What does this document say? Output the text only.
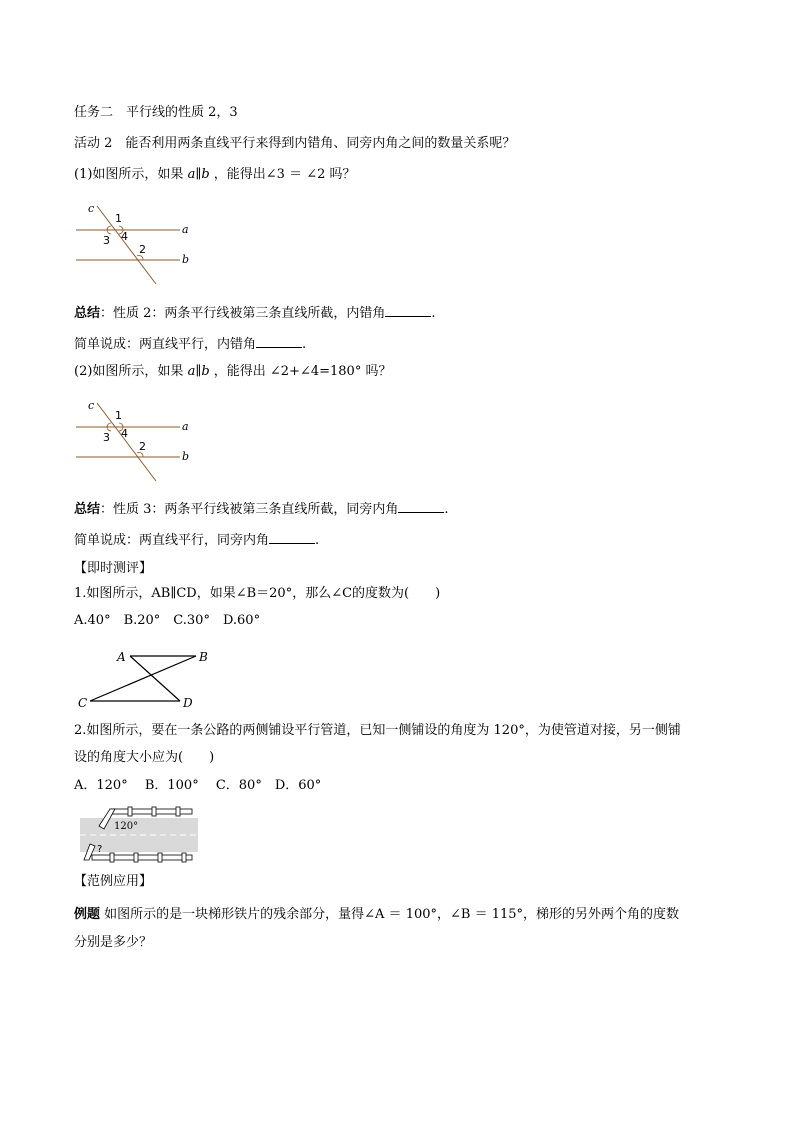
任务二　平行线的性质 2，3
活动 2　能否利用两条直线平行来得到内错角、同旁内角之间的数量关系呢？
(1)如图所示，如果 a∥b ，能得出∠3 ＝ ∠2 吗？
c
a
b
1
3 4
2
总结：性质 2：两条平行线被第三条直线所截，内错角	.
简单说成：两直线平行，内错角	.
(2)如图所示，如果 a∥b ，能得出 ∠2+∠4=180° 吗？
c
a
b
1
3 4
2
总结：性质 3：两条平行线被第三条直线所截，同旁内角	.
简单说成：两直线平行，同旁内角	.
【即时测评】
1.如图所示，AB∥CD，如果∠B＝20°，那么∠C的度数为(　　)
A.40°　B.20°　C.30°　D.60°
A	B
C	D
2.如图所示，要在一条公路的两侧铺设平行管道，已知一侧铺设的角度为 120°，为使管道对接，另一侧铺
设的角度大小应为(　　)
A．120°　 B．100°　 C．80°　D．60°
120°
?
【范例应用】
例题 如图所示的是一块梯形铁片的残余部分，量得∠A ＝ 100°，∠B ＝ 115°，梯形的另外两个角的度数
分别是多少？
